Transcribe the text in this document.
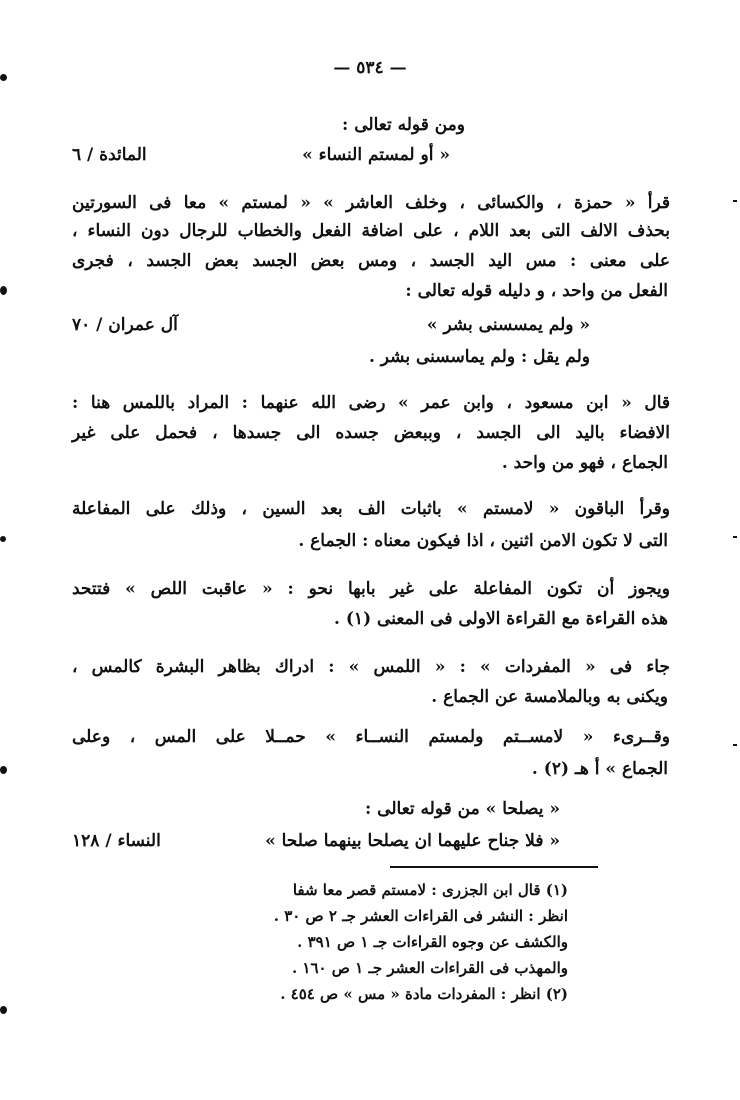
— ٥٣٤ —
ومن قوله تعالى :
« أو لمستم النساء »
المائدة / ٦
قرأ « حمزة ، والكسائى ، وخلف العاشر » « لمستم » معا فى السورتين
بحذف الالف التى بعد اللام ، على اضافة الفعل والخطاب للرجال دون النساء ،
على معنى : مس اليد الجسد ، ومس بعض الجسد بعض الجسد ، فجرى
الفعل من واحد ، و دليله قوله تعالى :
« ولم يمسسنى بشر »
آل عمران / ٧٠
ولم يقل : ولم يماسسنى بشر .
قال « ابن مسعود ، وابن عمر » رضى الله عنهما : المراد باللمس هنا :
الافضاء باليد الى الجسد ، وببعض جسده الى جسدها ، فحمل على غير
الجماع ، فهو من واحد .
وقرأ الباقون « لامستم » باثبات الف بعد السين ، وذلك على المفاعلة
التى لا تكون الامن اثنين ، اذا فيكون معناه : الجماع .
ويجوز أن تكون المفاعلة على غير بابها نحو : « عاقبت اللص » فتتحد
هذه القراءة مع القراءة الاولى فى المعنى (١) .
جاء فى « المفردات » : « اللمس » : ادراك بظاهر البشرة كالمس ،
ويكنى به وبالملامسة عن الجماع .
وقــرىء « لامســتم ولمستم النســاء » حمــلا على المس ، وعلى
الجماع » أ هـ (٢) .
« يصلحا » من قوله تعالى :
« فلا جناح عليهما ان يصلحا بينهما صلحا »
النساء / ١٢٨
(١) قال ابن الجزرى : لامستم قصر معا شفا
انظر : النشر فى القراءات العشر جـ ٢ ص ٣٠ .
والكشف عن وجوه القراءات جـ ١ ص ٣٩١ .
والمهذب فى القراءات العشر جـ ١ ص ١٦٠ .
(٢) انظر : المفردات مادة « مس » ص ٤٥٤ .
